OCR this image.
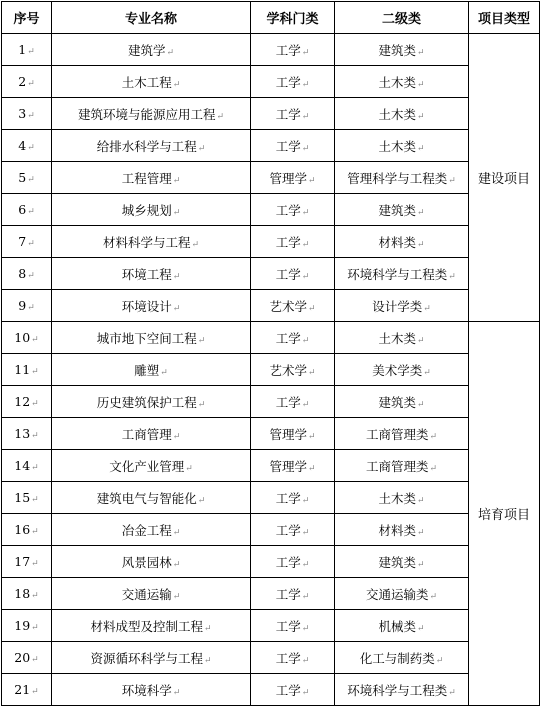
序号	专业名称	学科门类	二级类	项目类型
1↵	建筑学↵	工学↵	建筑类↵	建设项目
2↵	土木工程↵	工学↵	土木类↵	
3↵	建筑环境与能源应用工程↵	工学↵	土木类↵	
4↵	给排水科学与工程↵	工学↵	土木类↵	
5↵	工程管理↵	管理学↵	管理科学与工程类↵	
6↵	城乡规划↵	工学↵	建筑类↵	
7↵	材料科学与工程↵	工学↵	材料类↵	
8↵	环境工程↵	工学↵	环境科学与工程类↵	
9↵	环境设计↵	艺术学↵	设计学类↵	
10↵	城市地下空间工程↵	工学↵	土木类↵	培育项目
11↵	雕塑↵	艺术学↵	美术学类↵	
12↵	历史建筑保护工程↵	工学↵	建筑类↵	
13↵	工商管理↵	管理学↵	工商管理类↵	
14↵	文化产业管理↵	管理学↵	工商管理类↵	
15↵	建筑电气与智能化↵	工学↵	土木类↵	
16↵	冶金工程↵	工学↵	材料类↵	
17↵	风景园林↵	工学↵	建筑类↵	
18↵	交通运输↵	工学↵	交通运输类↵	
19↵	材料成型及控制工程↵	工学↵	机械类↵	
20↵	资源循环科学与工程↵	工学↵	化工与制药类↵	
21↵	环境科学↵	工学↵	环境科学与工程类↵	
